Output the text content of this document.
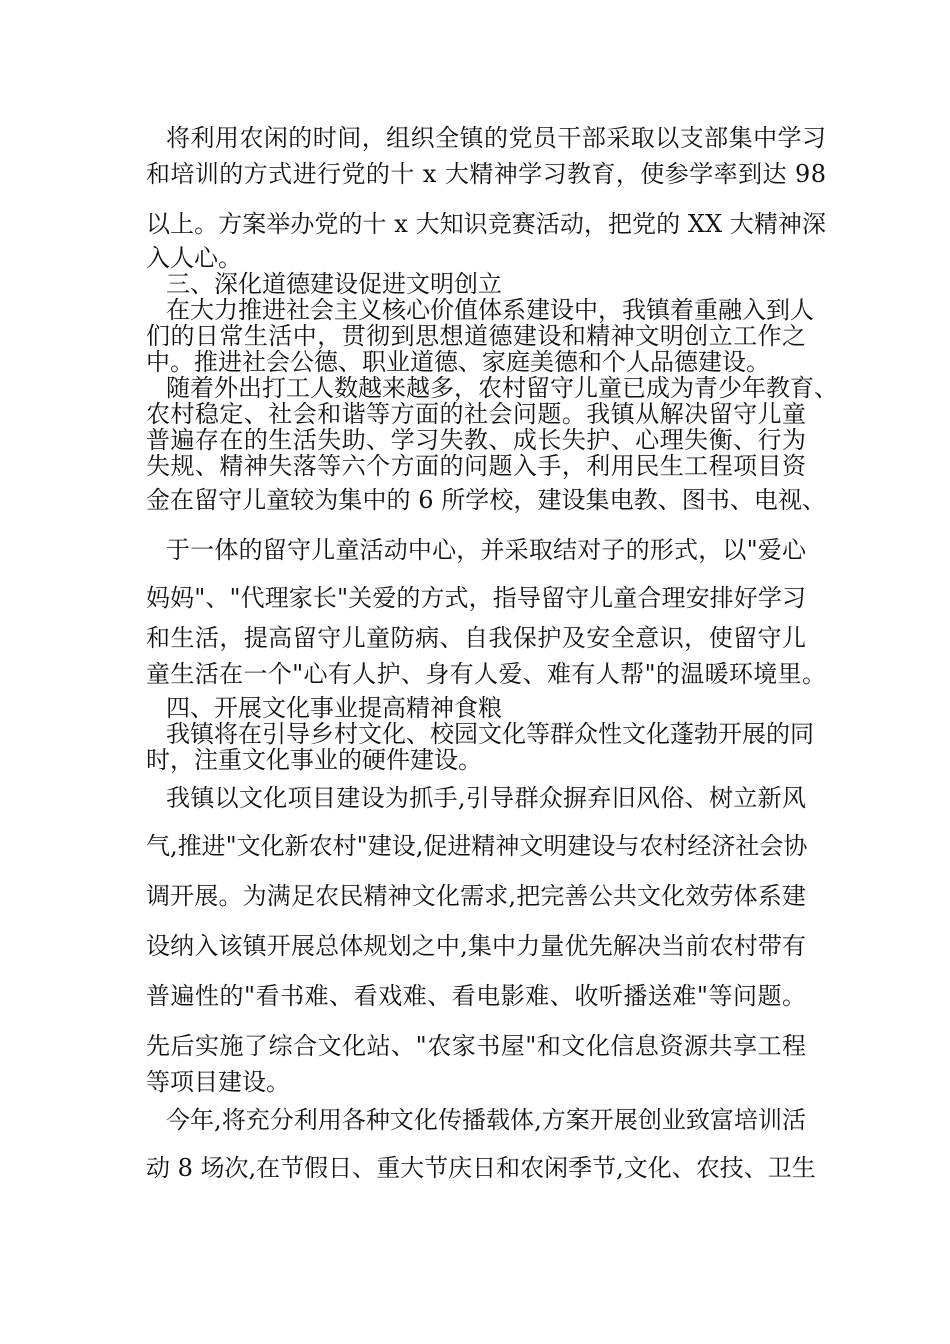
将利用农闲的时间，组织全镇的党员干部采取以支部集中学习
和培训的方式进行党的十 x 大精神学习教育，使参学率到达 98
以上。方案举办党的十 x 大知识竞赛活动，把党的 XX 大精神深
入人心。
三、深化道德建设促进文明创立
在大力推进社会主义核心价值体系建设中，我镇着重融入到人
们的日常生活中，贯彻到思想道德建设和精神文明创立工作之
中。推进社会公德、职业道德、家庭美德和个人品德建设。
随着外出打工人数越来越多，农村留守儿童已成为青少年教育、
农村稳定、社会和谐等方面的社会问题。我镇从解决留守儿童
普遍存在的生活失助、学习失教、成长失护、心理失衡、行为
失规、精神失落等六个方面的问题入手，利用民生工程项目资
金在留守儿童较为集中的 6 所学校，建设集电教、图书、电视、
于一体的留守儿童活动中心，并采取结对子的形式，以"爱心
妈妈"、"代理家长"关爱的方式，指导留守儿童合理安排好学习
和生活，提高留守儿童防病、自我保护及安全意识，使留守儿
童生活在一个"心有人护、身有人爱、难有人帮"的温暖环境里。
四、开展文化事业提高精神食粮
我镇将在引导乡村文化、校园文化等群众性文化蓬勃开展的同
时，注重文化事业的硬件建设。
我镇以文化项目建设为抓手,引导群众摒弃旧风俗、树立新风
气,推进"文化新农村"建设,促进精神文明建设与农村经济社会协
调开展。为满足农民精神文化需求,把完善公共文化效劳体系建
设纳入该镇开展总体规划之中,集中力量优先解决当前农村带有
普遍性的"看书难、看戏难、看电影难、收听播送难"等问题。
先后实施了综合文化站、"农家书屋"和文化信息资源共享工程
等项目建设。
今年,将充分利用各种文化传播载体,方案开展创业致富培训活
动 8 场次,在节假日、重大节庆日和农闲季节,文化、农技、卫生
